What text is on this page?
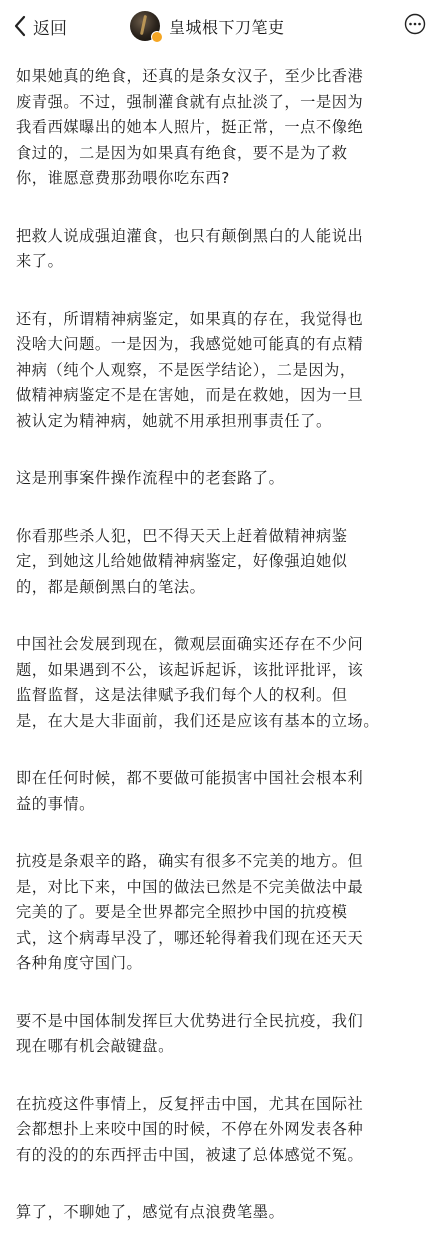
返回	皇城根下刀笔吏

如果她真的绝食，还真的是条女汉子，至少比香港
废青强。不过，强制灌食就有点扯淡了，一是因为
我看西媒曝出的她本人照片，挺正常，一点不像绝
食过的，二是因为如果真有绝食，要不是为了救
你，谁愿意费那劲喂你吃东西?

把救人说成强迫灌食，也只有颠倒黑白的人能说出
来了。

还有，所谓精神病鉴定，如果真的存在，我觉得也
没啥大问题。一是因为，我感觉她可能真的有点精
神病（纯个人观察，不是医学结论），二是因为，
做精神病鉴定不是在害她，而是在救她，因为一旦
被认定为精神病，她就不用承担刑事责任了。

这是刑事案件操作流程中的老套路了。

你看那些杀人犯，巴不得天天上赶着做精神病鉴
定，到她这儿给她做精神病鉴定，好像强迫她似
的，都是颠倒黑白的笔法。

中国社会发展到现在，微观层面确实还存在不少问
题，如果遇到不公，该起诉起诉，该批评批评，该
监督监督，这是法律赋予我们每个人的权利。但
是，在大是大非面前，我们还是应该有基本的立场。

即在任何时候，都不要做可能损害中国社会根本利
益的事情。

抗疫是条艰辛的路，确实有很多不完美的地方。但
是，对比下来，中国的做法已然是不完美做法中最
完美的了。要是全世界都完全照抄中国的抗疫模
式，这个病毒早没了，哪还轮得着我们现在还天天
各种角度守国门。

要不是中国体制发挥巨大优势进行全民抗疫，我们
现在哪有机会敲键盘。

在抗疫这件事情上，反复抨击中国，尤其在国际社
会都想扑上来咬中国的时候，不停在外网发表各种
有的没的的东西抨击中国，被逮了总体感觉不冤。

算了，不聊她了，感觉有点浪费笔墨。
